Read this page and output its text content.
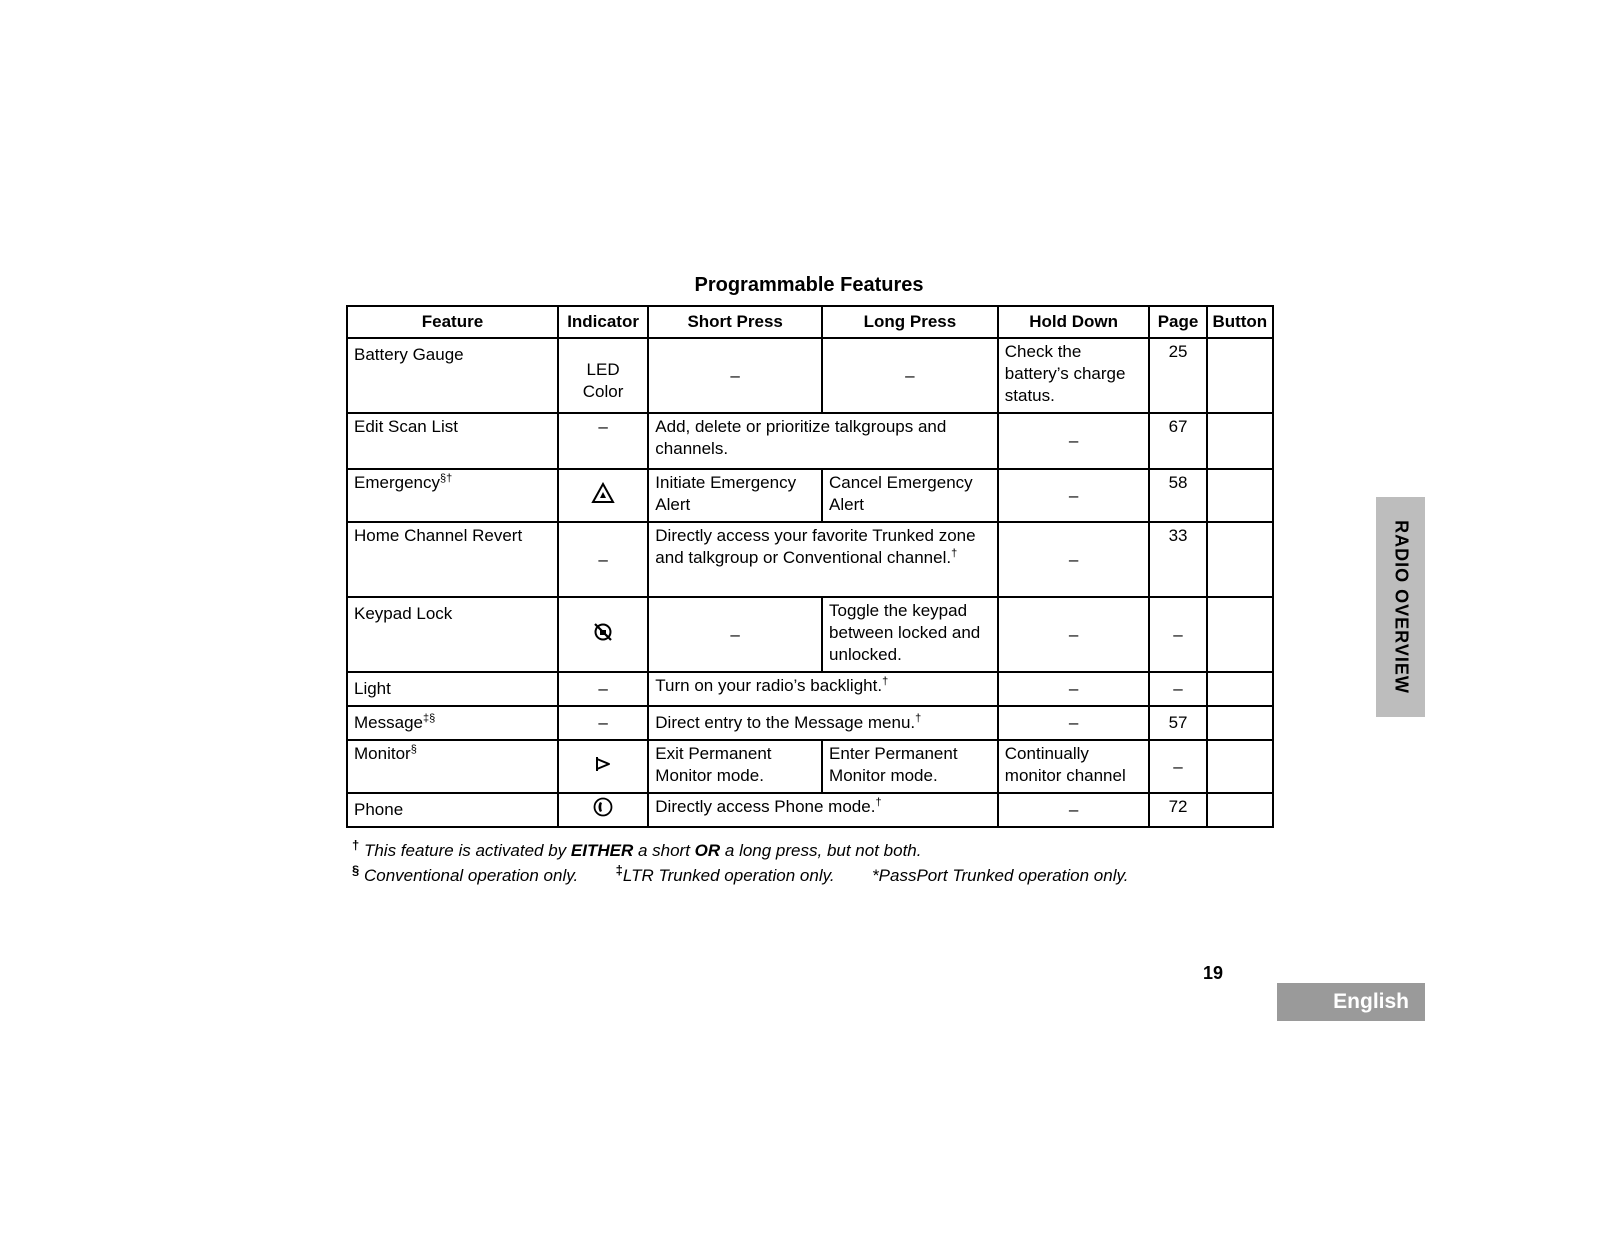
Programmable Features
Feature	Indicator	Short Press	Long Press	Hold Down	Page	Button
Battery Gauge	LED Color	–	–	Check the battery’s charge status.	25	
Edit Scan List	–	Add, delete or prioritize talkgroups and channels.		–	67	
Emergency§†		Initiate Emergency Alert	Cancel Emergency Alert	–	58	
Home Channel Revert	–	Directly access your favorite Trunked zone and talkgroup or Conventional channel.†		–	33	
Keypad Lock		–	Toggle the keypad between locked and unlocked.	–	–	
Light	–	Turn on your radio’s backlight.†		–	–	
Message‡§	–	Direct entry to the Message menu.†		–	57	
Monitor§		Exit Permanent Monitor mode.	Enter Permanent Monitor mode.	Continually monitor channel	–	
Phone		Directly access Phone mode.†		–	72	
† This feature is activated by EITHER a short OR a long press, but not both.
§ Conventional operation only.	‡LTR Trunked operation only. *PassPort Trunked operation only.
RADIO OVERVIEW
19
English
